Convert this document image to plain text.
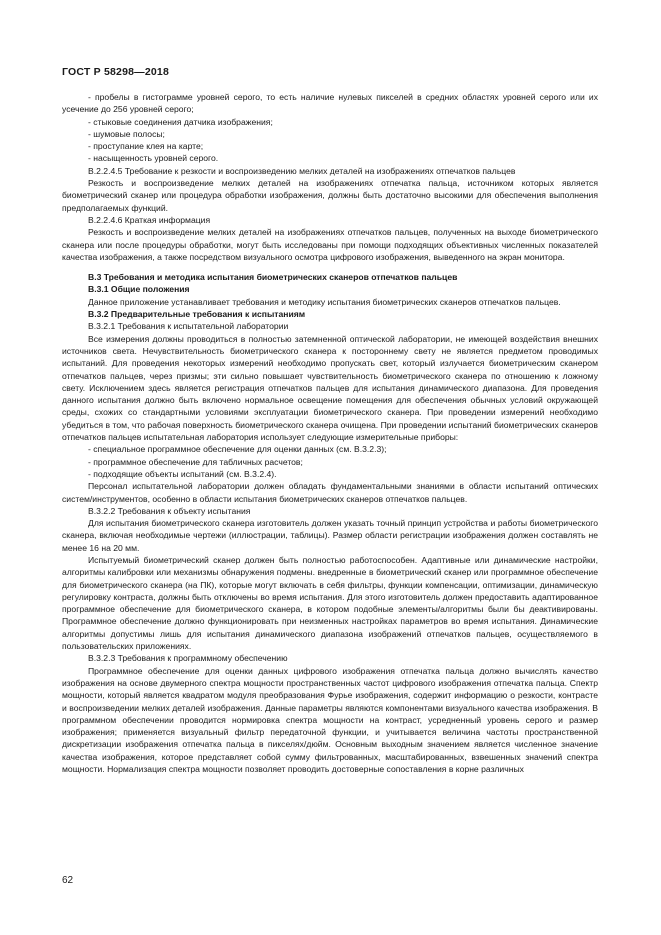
ГОСТ Р 58298—2018

- пробелы в гистограмме уровней серого, то есть наличие нулевых пикселей в средних областях уровней серого или их усечение до 256 уровней серого;

- стыковые соединения датчика изображения;

- шумовые полосы;

- проступание клея на карте;

- насыщенность уровней серого.

B.2.2.4.5 Требование к резкости и воспроизведению мелких деталей на изображениях отпечатков пальцев

Резкость и воспроизведение мелких деталей на изображениях отпечатка пальца, источником которых является биометрический сканер или процедура обработки изображения, должны быть достаточно высокими для обеспечения выполнения предполагаемых функций.

B.2.2.4.6 Краткая информация

Резкость и воспроизведение мелких деталей на изображениях отпечатков пальцев, полученных на выходе биометрического сканера или после процедуры обработки, могут быть исследованы при помощи подходящих объективных численных показателей качества изображения, а также посредством визуального осмотра цифрового изображения, выведенного на экран монитора.

B.3 Требования и методика испытания биометрических сканеров отпечатков пальцев

B.3.1 Общие положения

Данное приложение устанавливает требования и методику испытания биометрических сканеров отпечатков пальцев.

B.3.2 Предварительные требования к испытаниям

B.3.2.1 Требования к испытательной лаборатории

Все измерения должны проводиться в полностью затемненной оптической лаборатории, не имеющей воздействия внешних источников света. Нечувствительность биометрического сканера к постороннему свету не является предметом проводимых испытаний. Для проведения некоторых измерений необходимо пропускать свет, который излучается биометрическим сканером отпечатков пальцев, через призмы; эти сильно повышает чувствительность биометрического сканера по отношению к ложному свету. Исключением здесь является регистрация отпечатков пальцев для испытания динамического диапазона. Для проведения данного испытания должно быть включено нормальное освещение помещения для обеспечения обычных условий окружающей среды, схожих со стандартными условиями эксплуатации биометрического сканера. При проведении измерений необходимо убедиться в том, что рабочая поверхность биометрического сканера очищена. При проведении испытаний биометрических сканеров отпечатков пальцев испытательная лаборатория использует следующие измерительные приборы:

- специальное программное обеспечение для оценки данных (см. B.3.2.3);

- программное обеспечение для табличных расчетов;

- подходящие объекты испытаний (см. B.3.2.4).

Персонал испытательной лаборатории должен обладать фундаментальными знаниями в области испытаний оптических систем/инструментов, особенно в области испытания биометрических сканеров отпечатков пальцев.

B.3.2.2 Требования к объекту испытания

Для испытания биометрического сканера изготовитель должен указать точный принцип устройства и работы биометрического сканера, включая необходимые чертежи (иллюстрации, таблицы). Размер области регистрации изображения должен составлять не менее 16 на 20 мм.

Испытуемый биометрический сканер должен быть полностью работоспособен. Адаптивные или динамические настройки, алгоритмы калибровки или механизмы обнаружения подмены. внедренные в биометрический сканер или программное обеспечение для биометрического сканера (на ПК), которые могут включать в себя фильтры, функции компенсации, оптимизации, динамическую регулировку контраста, должны быть отключены во время испытания. Для этого изготовитель должен предоставить адаптированное программное обеспечение для биометрического сканера, в котором подобные элементы/алгоритмы были бы деактивированы. Программное обеспечение должно функционировать при неизменных настройках параметров во время испытания. Динамические алгоритмы допустимы лишь для испытания динамического диапазона изображений отпечатков пальцев, осуществляемого в пользовательских приложениях.

B.3.2.3 Требования к программному обеспечению

Программное обеспечение для оценки данных цифрового изображения отпечатка пальца должно вычислять качество изображения на основе двумерного спектра мощности пространственных частот цифрового изображения отпечатка пальца. Спектр мощности, который является квадратом модуля преобразования Фурье изображения, содержит информацию о резкости, контрасте и воспроизведении мелких деталей изображения. Данные параметры являются компонентами визуального качества изображения. В программном обеспечении проводится нормировка спектра мощности на контраст, усредненный уровень серого и размер изображения; применяется визуальный фильтр передаточной функции, и учитывается величина частоты пространственной дискретизации изображения отпечатка пальца в пикселях/дюйм. Основным выходным значением является численное значение качества изображения, которое представляет собой сумму фильтрованных, масштабированных, взвешенных значений спектра мощности. Нормализация спектра мощности позволяет проводить достоверные сопоставления в корне различных

62
